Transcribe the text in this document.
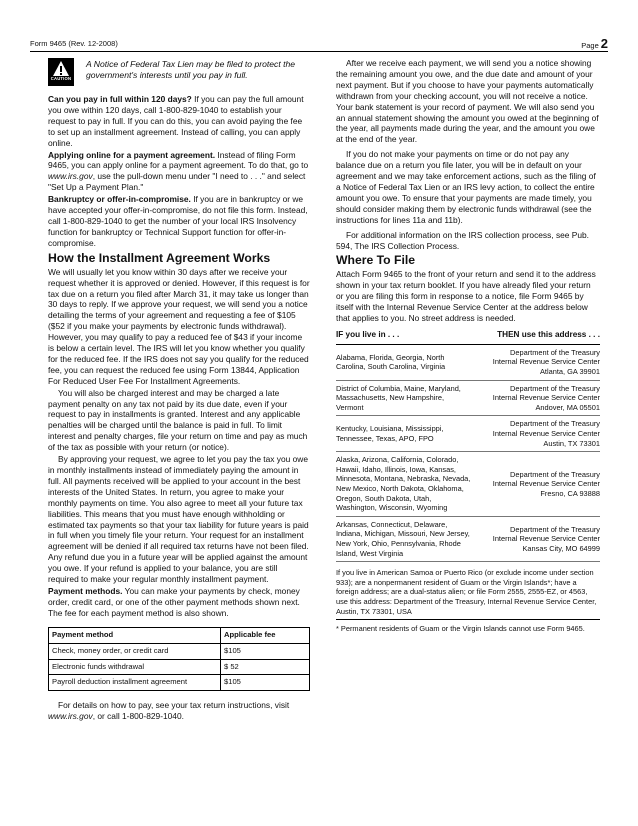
Form 9465 (Rev. 12-2008)	Page 2
CAUTION
A Notice of Federal Tax Lien may be filed to protect the government's interests until you pay in full.

Can you pay in full within 120 days? If you can pay the full amount you owe within 120 days, call 1-800-829-1040 to establish your request to pay in full. If you can do this, you can avoid paying the fee to set up an installment agreement. Instead of calling, you can apply online.

Applying online for a payment agreement. Instead of filing Form 9465, you can apply online for a payment agreement. To do that, go to www.irs.gov, use the pull-down menu under "I need to . . ." and select "Set Up a Payment Plan."

Bankruptcy or offer-in-compromise. If you are in bankruptcy or we have accepted your offer-in-compromise, do not file this form. Instead, call 1-800-829-1040 to get the number of your local IRS Insolvency function for bankruptcy or Technical Support function for offer-in-compromise.

How the Installment Agreement Works

We will usually let you know within 30 days after we receive your request whether it is approved or denied. However, if this request is for tax due on a return you filed after March 31, it may take us longer than 30 days to reply. If we approve your request, we will send you a notice detailing the terms of your agreement and requesting a fee of $105 ($52 if you make your payments by electronic funds withdrawal). However, you may qualify to pay a reduced fee of $43 if your income is below a certain level. The IRS will let you know whether you qualify for the reduced fee. If the IRS does not say you qualify for the reduced fee, you can request the reduced fee using Form 13844, Application For Reduced User Fee For Installment Agreements.

You will also be charged interest and may be charged a late payment penalty on any tax not paid by its due date, even if your request to pay in installments is granted. Interest and any applicable penalties will be charged until the balance is paid in full. To limit interest and penalty charges, file your return on time and pay as much of the tax as possible with your return (or notice).

By approving your request, we agree to let you pay the tax you owe in monthly installments instead of immediately paying the amount in full. All payments received will be applied to your account in the best interests of the United States. In return, you agree to make your monthly payments on time. You also agree to meet all your future tax liabilities. This means that you must have enough withholding or estimated tax payments so that your tax liability for future years is paid in full when you timely file your return. Your request for an installment agreement will be denied if all required tax returns have not been filed. Any refund due you in a future year will be applied against the amount you owe. If your refund is applied to your balance, you are still required to make your regular monthly installment payment.

Payment methods. You can make your payments by check, money order, credit card, or one of the other payment methods shown next. The fee for each payment method is also shown.

Payment method	Applicable fee
Check, money order, or credit card	$105
Electronic funds withdrawal	$ 52
Payroll deduction installment agreement	$105

For details on how to pay, see your tax return instructions, visit www.irs.gov, or call 1-800-829-1040.

After we receive each payment, we will send you a notice showing the remaining amount you owe, and the due date and amount of your next payment. But if you choose to have your payments automatically withdrawn from your checking account, you will not receive a notice. Your bank statement is your record of payment. We will also send you an annual statement showing the amount you owed at the beginning of the year, all payments made during the year, and the amount you owe at the end of the year.

If you do not make your payments on time or do not pay any balance due on a return you file later, you will be in default on your agreement and we may take enforcement actions, such as the filing of a Notice of Federal Tax Lien or an IRS levy action, to collect the entire amount you owe. To ensure that your payments are made timely, you should consider making them by electronic funds withdrawal (see the instructions for lines 11a and 11b).

For additional information on the IRS collection process, see Pub. 594, The IRS Collection Process.

Where To File

Attach Form 9465 to the front of your return and send it to the address shown in your tax return booklet. If you have already filed your return or you are filing this form in response to a notice, file Form 9465 by itself with the Internal Revenue Service Center at the address below that applies to you. No street address is needed.

IF you live in . . .	THEN use this address . . .
Alabama, Florida, Georgia, North Carolina, South Carolina, Virginia
Department of the Treasury
Internal Revenue Service Center
Atlanta, GA 39901
District of Columbia, Maine, Maryland, Massachusetts, New Hampshire, Vermont
Department of the Treasury
Internal Revenue Service Center
Andover, MA 05501
Kentucky, Louisiana, Mississippi, Tennessee, Texas, APO, FPO
Department of the Treasury
Internal Revenue Service Center
Austin, TX 73301
Alaska, Arizona, California, Colorado, Hawaii, Idaho, Illinois, Iowa, Kansas, Minnesota, Montana, Nebraska, Nevada, New Mexico, North Dakota, Oklahoma, Oregon, South Dakota, Utah, Washington, Wisconsin, Wyoming
Department of the Treasury
Internal Revenue Service Center
Fresno, CA 93888
Arkansas, Connecticut, Delaware, Indiana, Michigan, Missouri, New Jersey, New York, Ohio, Pennsylvania, Rhode Island, West Virginia
Department of the Treasury
Internal Revenue Service Center
Kansas City, MO 64999
If you live in American Samoa or Puerto Rico (or exclude income under section 933); are a nonpermanent resident of Guam or the Virgin Islands*; have a foreign address; are a dual-status alien; or file Form 2555, 2555-EZ, or 4563, use this address: Department of the Treasury, Internal Revenue Service Center, Austin, TX 73301, USA
* Permanent residents of Guam or the Virgin Islands cannot use Form 9465.
